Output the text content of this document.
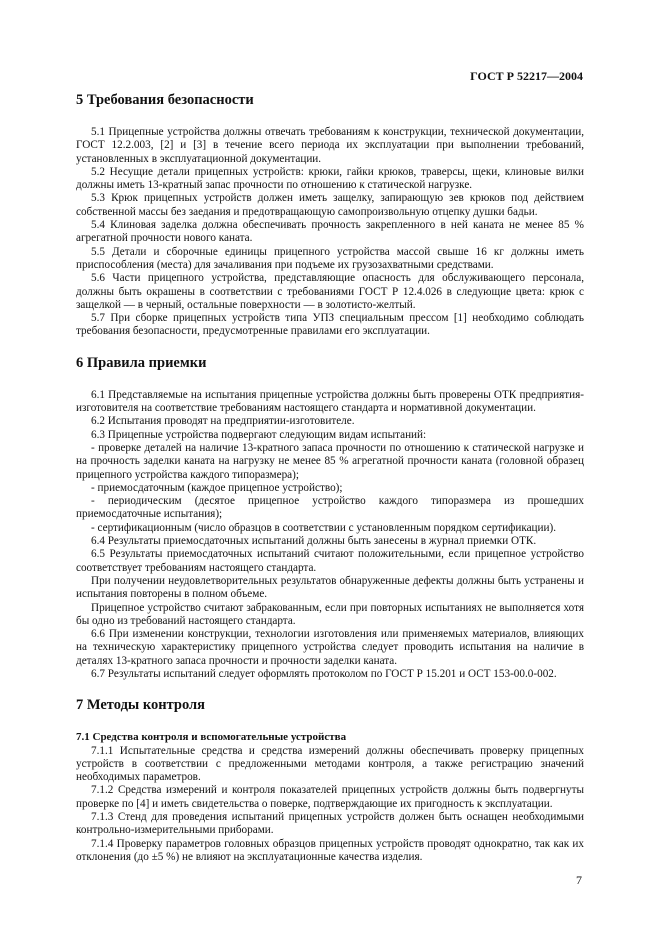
ГОСТ Р 52217—2004
5 Требования безопасности

5.1 Прицепные устройства должны отвечать требованиям к конструкции, технической документации, ГОСТ 12.2.003, [2] и [3] в течение всего периода их эксплуатации при выполнении требований, установленных в эксплуатационной документации.

5.2 Несущие детали прицепных устройств: крюки, гайки крюков, траверсы, щеки, клиновые вилки должны иметь 13-кратный запас прочности по отношению к статической нагрузке.

5.3 Крюк прицепных устройств должен иметь защелку, запирающую зев крюков под действием собственной массы без заедания и предотвращающую самопроизвольную отцепку душки бадьи.

5.4 Клиновая заделка должна обеспечивать прочность закрепленного в ней каната не менее 85 % агрегатной прочности нового каната.

5.5 Детали и сборочные единицы прицепного устройства массой свыше 16 кг должны иметь приспособления (места) для зачаливания при подъеме их грузозахватными средствами.

5.6 Части прицепного устройства, представляющие опасность для обслуживающего персонала, должны быть окрашены в соответствии с требованиями ГОСТ Р 12.4.026 в следующие цвета: крюк с защелкой — в черный, остальные поверхности — в золотисто-желтый.

5.7 При сборке прицепных устройств типа УПЗ специальным прессом [1] необходимо соблюдать требования безопасности, предусмотренные правилами его эксплуатации.

6 Правила приемки

6.1 Представляемые на испытания прицепные устройства должны быть проверены ОТК предприятия-изготовителя на соответствие требованиям настоящего стандарта и нормативной документации.

6.2 Испытания проводят на предприятии-изготовителе.

6.3 Прицепные устройства подвергают следующим видам испытаний:

- проверке деталей на наличие 13-кратного запаса прочности по отношению к статической нагрузке и на прочность заделки каната на нагрузку не менее 85 % агрегатной прочности каната (головной образец прицепного устройства каждого типоразмера);

- приемосдаточным (каждое прицепное устройство);

- периодическим (десятое прицепное устройство каждого типоразмера из прошедших приемосдаточные испытания);

- сертификационным (число образцов в соответствии с установленным порядком сертификации).

6.4 Результаты приемосдаточных испытаний должны быть занесены в журнал приемки ОТК.

6.5 Результаты приемосдаточных испытаний считают положительными, если прицепное устройство соответствует требованиям настоящего стандарта.

При получении неудовлетворительных результатов обнаруженные дефекты должны быть устранены и испытания повторены в полном объеме.

Прицепное устройство считают забракованным, если при повторных испытаниях не выполняется хотя бы одно из требований настоящего стандарта.

6.6 При изменении конструкции, технологии изготовления или применяемых материалов, влияющих на техническую характеристику прицепного устройства следует проводить испытания на наличие в деталях 13-кратного запаса прочности и прочности заделки каната.

6.7 Результаты испытаний следует оформлять протоколом по ГОСТ Р 15.201 и ОСТ 153-00.0-002.

7 Методы контроля

7.1 Средства контроля и вспомогательные устройства

7.1.1 Испытательные средства и средства измерений должны обеспечивать проверку прицепных устройств в соответствии с предложенными методами контроля, а также регистрацию значений необходимых параметров.

7.1.2 Средства измерений и контроля показателей прицепных устройств должны быть подвергнуты проверке по [4] и иметь свидетельства о поверке, подтверждающие их пригодность к эксплуатации.

7.1.3 Стенд для проведения испытаний прицепных устройств должен быть оснащен необходимыми контрольно-измерительными приборами.

7.1.4 Проверку параметров головных образцов прицепных устройств проводят однократно, так как их отклонения (до ±5 %) не влияют на эксплуатационные качества изделия.

7
